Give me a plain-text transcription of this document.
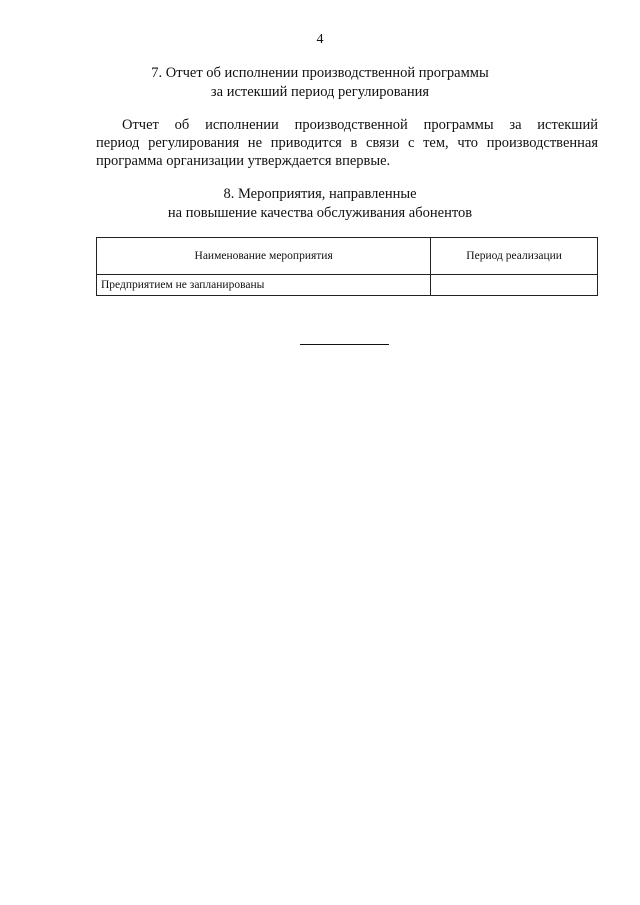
4
7. Отчет об исполнении производственной программы
за истекший период регулирования
Отчет об исполнении производственной программы за истекший
период регулирования не приводится в связи с тем, что производственная
программа организации утверждается впервые.
8. Мероприятия, направленные
на повышение качества обслуживания абонентов
Наименование мероприятия	Период реализации
Предприятием не запланированы	
